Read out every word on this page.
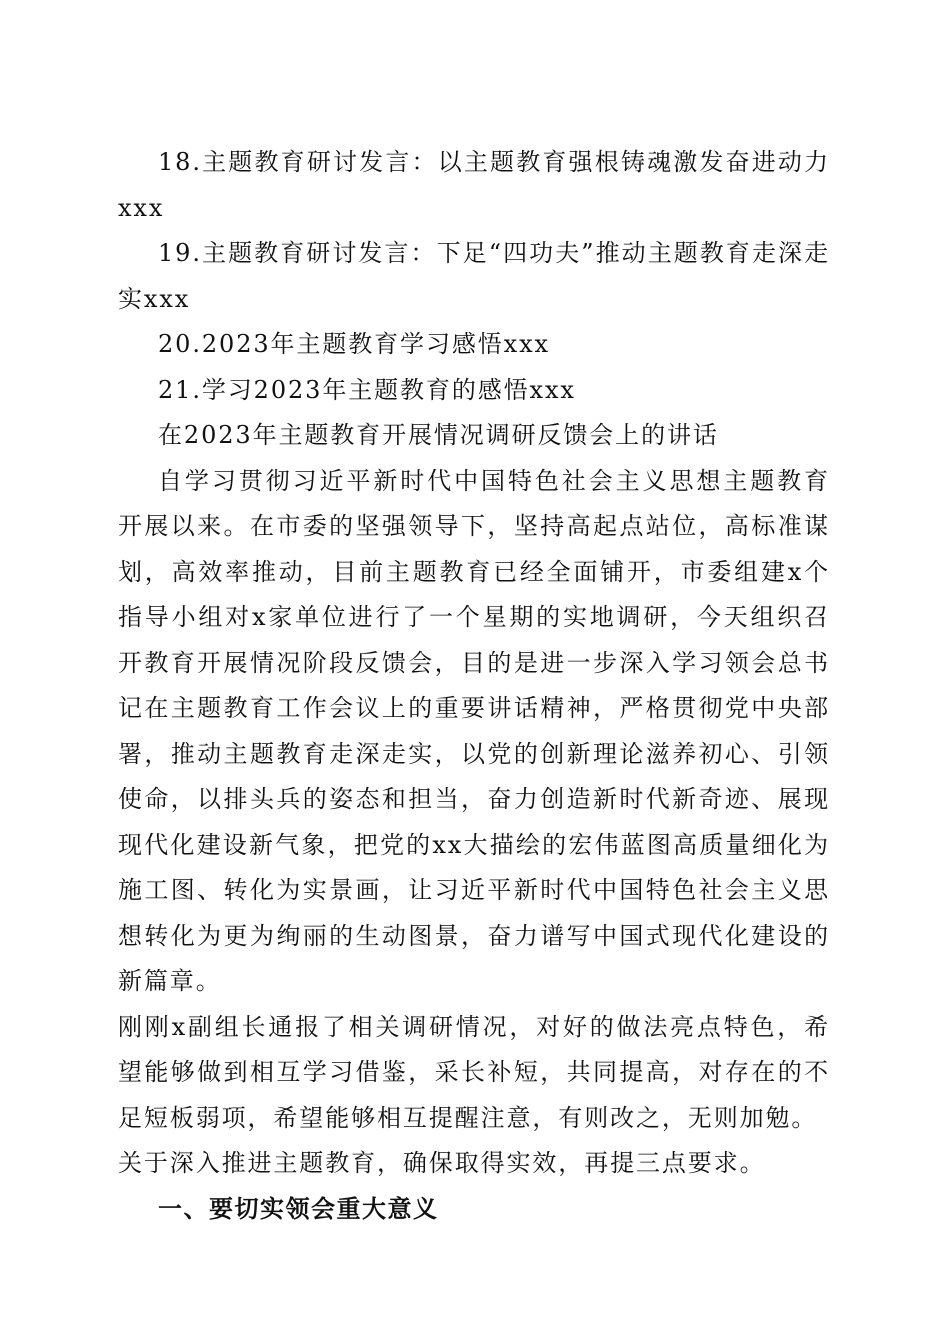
18.主题教育研讨发言：以主题教育强根铸魂激发奋进动力xxx

19.主题教育研讨发言：下足“四功夫”推动主题教育走深走实xxx

20.2023年主题教育学习感悟xxx

21.学习2023年主题教育的感悟xxx

在2023年主题教育开展情况调研反馈会上的讲话

自学习贯彻习近平新时代中国特色社会主义思想主题教育开展以来。在市委的坚强领导下，坚持高起点站位，高标准谋划，高效率推动，目前主题教育已经全面铺开，市委组建x个指导小组对x家单位进行了一个星期的实地调研，今天组织召开教育开展情况阶段反馈会，目的是进一步深入学习领会总书记在主题教育工作会议上的重要讲话精神，严格贯彻党中央部署，推动主题教育走深走实，以党的创新理论滋养初心、引领使命，以排头兵的姿态和担当，奋力创造新时代新奇迹、展现现代化建设新气象，把党的xx大描绘的宏伟蓝图高质量细化为施工图、转化为实景画，让习近平新时代中国特色社会主义思想转化为更为绚丽的生动图景，奋力谱写中国式现代化建设的新篇章。

刚刚x副组长通报了相关调研情况，对好的做法亮点特色，希望能够做到相互学习借鉴，采长补短，共同提高，对存在的不足短板弱项，希望能够相互提醒注意，有则改之，无则加勉。

关于深入推进主题教育，确保取得实效，再提三点要求。

一、要切实领会重大意义
